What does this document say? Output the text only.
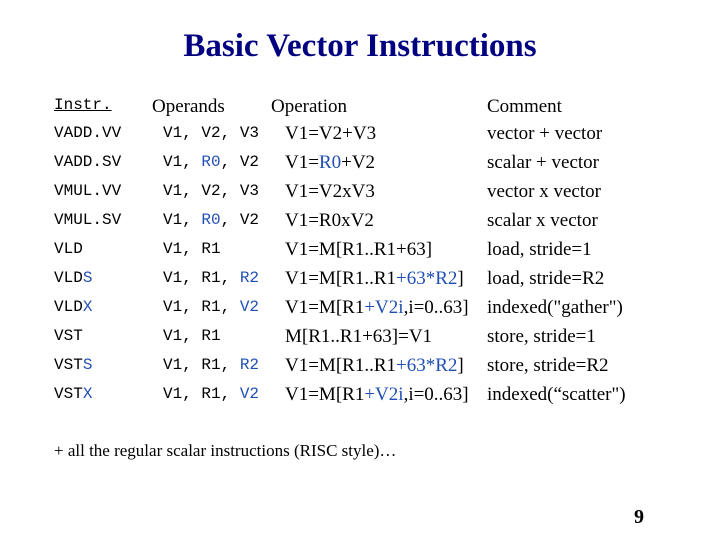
Basic Vector Instructions
Instr. Operands Operation	Comment
VADD.VV	V1, V2, V3 V1=V2+V3	vector + vector
VADD.SV	V1, R0, V2 V1=R0+V2	scalar + vector
VMUL.VV	V1, V2, V3 V1=V2xV3	vector x vector
VMUL.SV	V1, R0, V2 V1=R0xV2	scalar x vector
VLD	V1, R1	V1=M[R1..R1+63]	load, stride=1
VLDS	V1, R1, R2 V1=M[R1..R1+63*R2] load, stride=R2
VLDX	V1, R1, V2 V1=M[R1+V2i,i=0..63] indexed("gather")
VST	V1, R1	M[R1..R1+63]=V1	store, stride=1
VSTS	V1, R1, R2 V1=M[R1..R1+63*R2] store, stride=R2
VSTX	V1, R1, V2 V1=M[R1+V2i,i=0..63] indexed(“scatter")
+ all the regular scalar instructions (RISC style)…
9
